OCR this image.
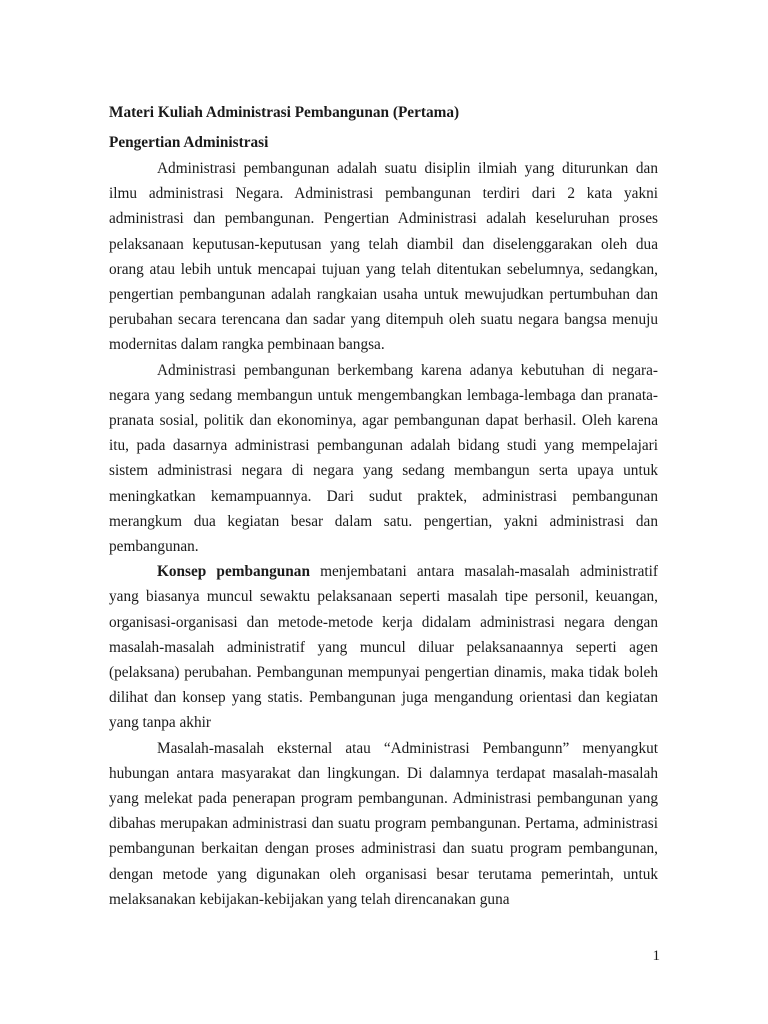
Materi Kuliah Administrasi Pembangunan (Pertama)
Pengertian Administrasi

Administrasi pembangunan adalah suatu disiplin ilmiah yang diturunkan dan ilmu administrasi Negara. Administrasi pembangunan terdiri dari 2 kata yakni administrasi dan pembangunan. Pengertian Administrasi adalah keseluruhan proses pelaksanaan keputusan-keputusan yang telah diambil dan diselenggarakan oleh dua orang atau lebih untuk mencapai tujuan yang telah ditentukan sebelumnya, sedangkan, pengertian pembangunan adalah rangkaian usaha untuk mewujudkan pertumbuhan dan perubahan secara terencana dan sadar yang ditempuh oleh suatu negara bangsa menuju modernitas dalam rangka pembinaan bangsa.

Administrasi pembangunan berkembang karena adanya kebutuhan di negara-negara yang sedang membangun untuk mengembangkan lembaga-lembaga dan pranata-pranata sosial, politik dan ekonominya, agar pembangunan dapat berhasil. Oleh karena itu, pada dasarnya administrasi pembangunan adalah bidang studi yang mempelajari sistem administrasi negara di negara yang sedang membangun serta upaya untuk meningkatkan kemampuannya. Dari sudut praktek, administrasi pembangunan merangkum dua kegiatan besar dalam satu. pengertian, yakni administrasi dan pembangunan.

Konsep pembangunan menjembatani antara masalah-masalah administratif yang biasanya muncul sewaktu pelaksanaan seperti masalah tipe personil, keuangan, organisasi-organisasi dan metode-metode kerja didalam administrasi negara dengan masalah-masalah administratif yang muncul diluar pelaksanaannya seperti agen (pelaksana) perubahan. Pembangunan mempunyai pengertian dinamis, maka tidak boleh dilihat dan konsep yang statis. Pembangunan juga mengandung orientasi dan kegiatan yang tanpa akhir

Masalah-masalah eksternal atau “Administrasi Pembangunn” menyangkut hubungan antara masyarakat dan lingkungan. Di dalamnya terdapat masalah-masalah yang melekat pada penerapan program pembangunan. Administrasi pembangunan yang dibahas merupakan administrasi dan suatu program pembangunan. Pertama, administrasi pembangunan berkaitan dengan proses administrasi dan suatu program pembangunan, dengan metode yang digunakan oleh organisasi besar terutama pemerintah, untuk melaksanakan kebijakan-kebijakan yang telah direncanakan guna

1
